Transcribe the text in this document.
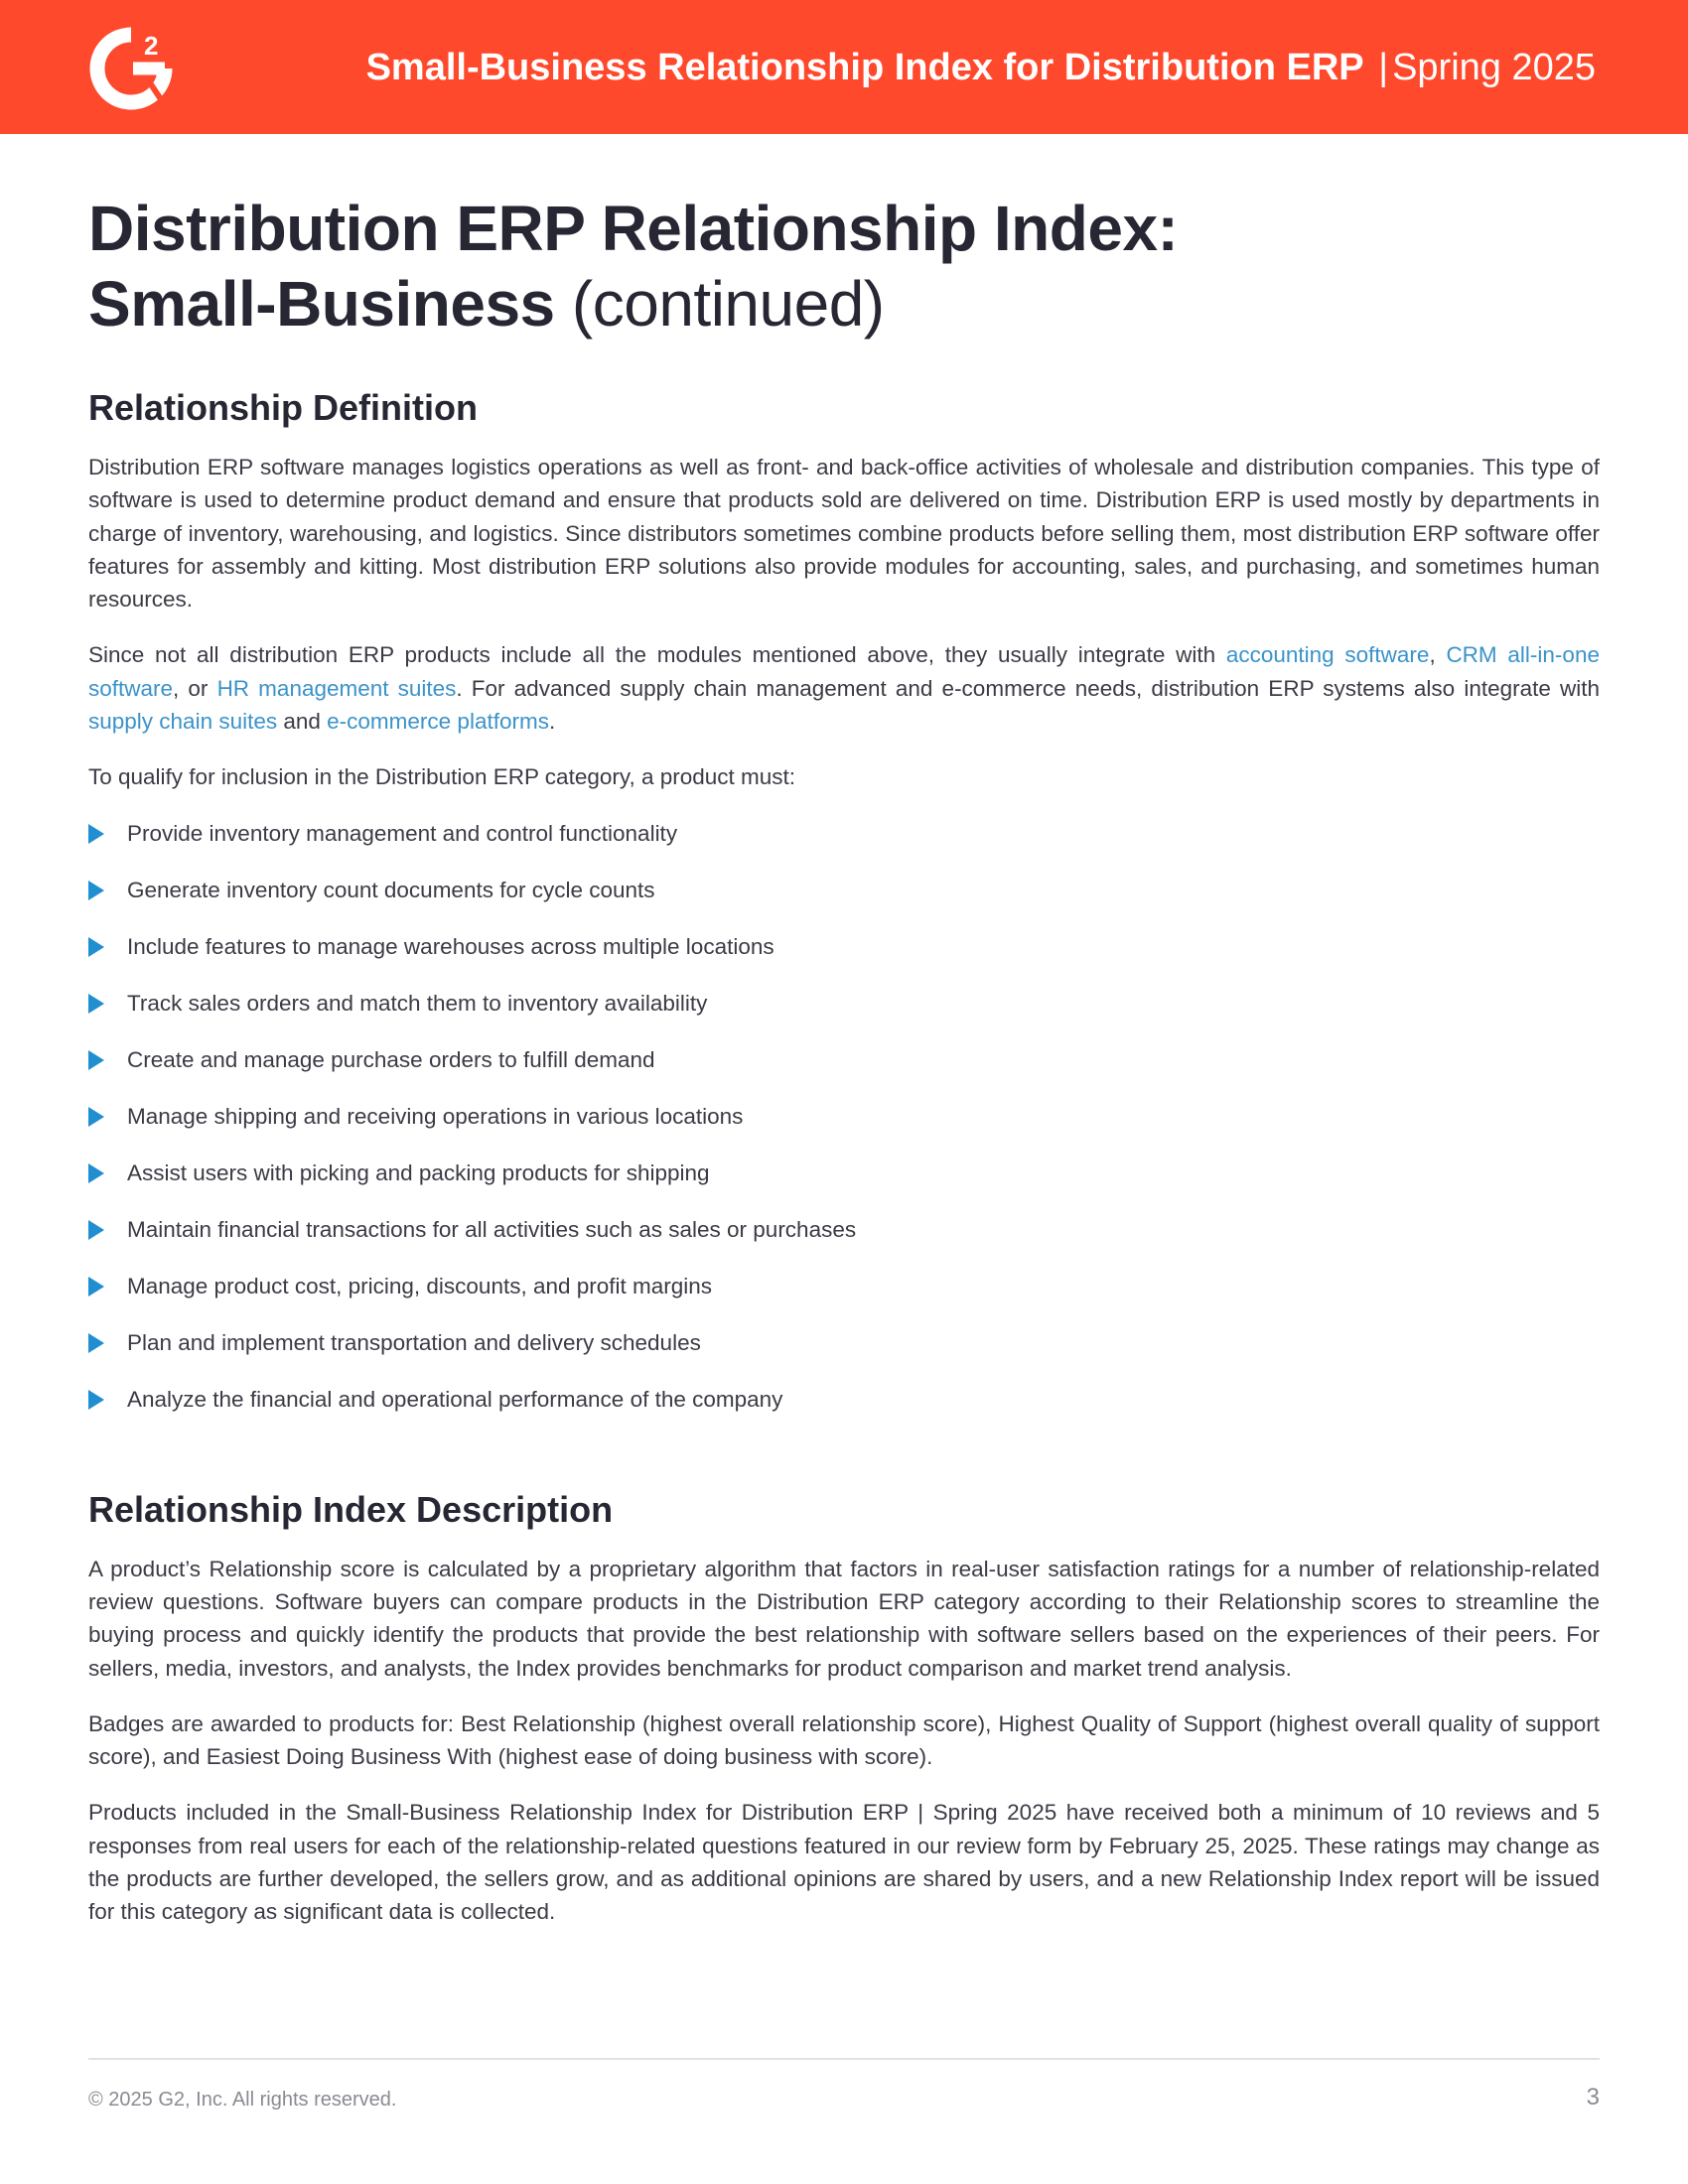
2
Small-Business Relationship Index for Distribution ERP | Spring 2025
Distribution ERP Relationship Index:
Small-Business (continued)
Relationship Definition

Distribution ERP software manages logistics operations as well as front- and back-office activities of wholesale and distribution companies. This type of software is used to determine product demand and ensure that products sold are delivered on time. Distribution ERP is used mostly by departments in charge of inventory, warehousing, and logistics. Since distributors sometimes combine products before selling them, most distribution ERP software offer features for assembly and kitting. Most distribution ERP solutions also provide modules for accounting, sales, and purchasing, and sometimes human resources.

Since not all distribution ERP products include all the modules mentioned above, they usually integrate with accounting software, CRM all-in-one software, or HR management suites. For advanced supply chain management and e-commerce needs, distribution ERP systems also integrate with supply chain suites and e-commerce platforms.

To qualify for inclusion in the Distribution ERP category, a product must:

Provide inventory management and control functionality
Generate inventory count documents for cycle counts
Include features to manage warehouses across multiple locations
Track sales orders and match them to inventory availability
Create and manage purchase orders to fulfill demand
Manage shipping and receiving operations in various locations
Assist users with picking and packing products for shipping
Maintain financial transactions for all activities such as sales or purchases
Manage product cost, pricing, discounts, and profit margins
Plan and implement transportation and delivery schedules
Analyze the financial and operational performance of the company
Relationship Index Description

A product’s Relationship score is calculated by a proprietary algorithm that factors in real-user satisfaction ratings for a number of relationship-related review questions. Software buyers can compare products in the Distribution ERP category according to their Relationship scores to streamline the buying process and quickly identify the products that provide the best relationship with software sellers based on the experiences of their peers. For sellers, media, investors, and analysts, the Index provides benchmarks for product comparison and market trend analysis.

Badges are awarded to products for: Best Relationship (highest overall relationship score), Highest Quality of Support (highest overall quality of support score), and Easiest Doing Business With (highest ease of doing business with score).

Products included in the Small-Business Relationship Index for Distribution ERP | Spring 2025 have received both a minimum of 10 reviews and 5 responses from real users for each of the relationship-related questions featured in our review form by February 25, 2025. These ratings may change as the products are further developed, the sellers grow, and as additional opinions are shared by users, and a new Relationship Index report will be issued for this category as significant data is collected.

© 2025 G2, Inc. All rights reserved.	3
